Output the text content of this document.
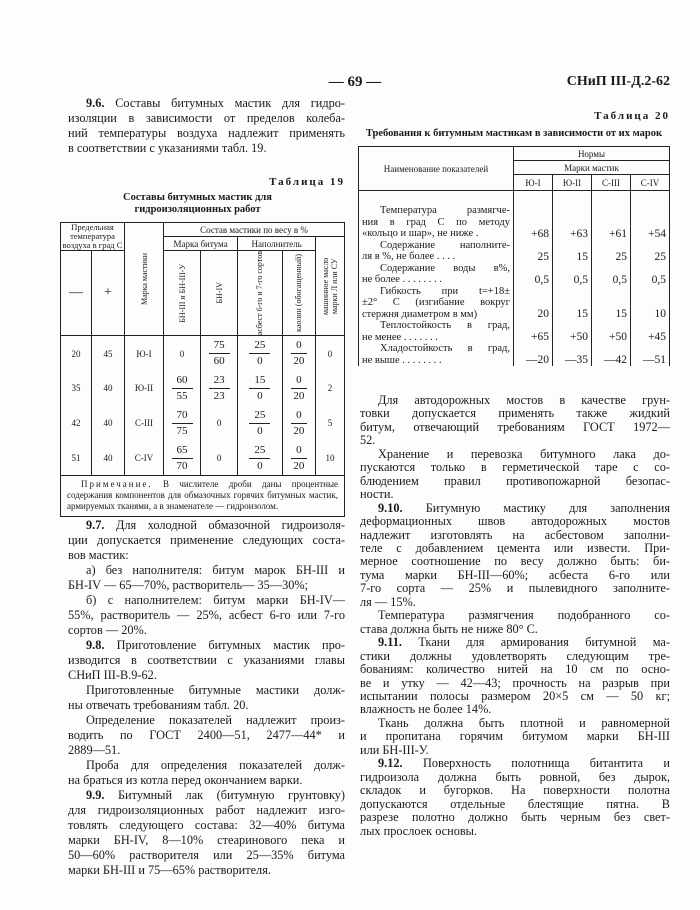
— 69 —	СНиП III-Д.2-62
9.6. Составы битумных мастик для гидро-
изоляции в зависимости от пределов колеба-
ний температуры воздуха надлежит применять
в соответствии с указаниями табл. 19.
Таблица 19
Составы битумных мастик для гидроизоляционных работ
Предельная температура воздуха в град С		Марка мастики	Состав мастики по весу в %				
			Марка битума		Наполнитель		машинное масло марки Л или СУ

—	+		БН-III и БН-III-У	БН-IV	асбест 6-го и 7-го сортов	каолин (обогащенный)	

20	45	Ю-I	0	$\frac{75}{60}$	$\frac{25}{0}$	$\frac{0}{20}$	0
35	40	Ю-II	$\frac{60}{55}$	$\frac{23}{23}$	$\frac{15}{0}$	$\frac{0}{20}$	2
42	40	С-III	$\frac{70}{75}$	0	$\frac{25}{0}$	$\frac{0}{20}$	5
51	40	С-IV	$\frac{65}{70}$	0	$\frac{25}{0}$	$\frac{0}{20}$	10
Примечание. В числителе дроби даны процентные содержания компонентов для обмазочных горячих битумных мастик, армируемых тканями, а в знаменателе — гидроизолом.							
9.7. Для холодной обмазочной гидроизоля-
ции допускается применение следующих соста-
вов мастик:
а) без наполнителя: битум марок БН-III и
БН-IV — 65—70%, растворитель— 35—30%;
б) с наполнителем: битум марки БН-IV—
55%, растворитель — 25%, асбест 6-го или 7-го
сортов — 20%.
9.8. Приготовление битумных мастик про-
изводится в соответствии с указаниями главы
СНиП III-В.9-62.
Приготовленные битумные мастики долж-
ны отвечать требованиям табл. 20.
Определение показателей надлежит произ-
водить по ГОСТ 2400—51, 2477—44* и
2889—51.
Проба для определения показателей долж-
на браться из котла перед окончанием варки.
9.9. Битумный лак (битумную грунтовку)
для гидроизоляционных работ надлежит изго-
товлять следующего состава: 32—40% битума
марки БН-IV, 8—10% стеаринового пека и
50—60% растворителя или 25—35% битума
марки БН-III и 75—65% растворителя.
Таблица 20
Требования к битумным мастикам в зависимости от их марок
Наименование показателей	Нормы			
	Марки мастик			
	Ю-I	Ю-II	С-III	С-IV

Температура размягче-
ния в град С по методу
«кольцо и шар», не ниже .	+68	+63	+61	+54

Содержание наполните-
ля в %, не более . . . .	25	15	25	25

Содержание воды в%,
не более . . . . . . . .	0,5	0,5	0,5	0,5

Гибкость при t=+18±
±2° С (изгибание вокруг
стержня диаметром в мм)	20	15	15	10

Теплостойкость в град,
не менее . . . . . . .	+65	+50	+50	+45

Хладостойкость в град,
не выше . . . . . . . .	—20	—35	—42	—51
Для автодорожных мостов в качестве грун-
товки допускается применять также жидкий
битум, отвечающий требованиям ГОСТ 1972—
52.
Хранение и перевозка битумного лака до-
пускаются только в герметической таре с со-
блюдением правил противопожарной безопас-
ности.
9.10. Битумную мастику для заполнения
деформационных швов автодорожных мостов
надлежит изготовлять на асбестовом заполни-
теле с добавлением цемента или извести. При-
мерное соотношение по весу должно быть: би-
тума марки БН-III—60%; асбеста 6-го или
7-го сорта — 25% и пылевидного заполните-
ля — 15%.
Температура размягчения подобранного со-
става должна быть не ниже 80° С.
9.11. Ткани для армирования битумной ма-
стики должны удовлетворять следующим тре-
бованиям: количество нитей на 10 см по осно-
ве и утку — 42—43; прочность на разрыв при
испытании полосы размером 20×5 см — 50 кг;
влажность не более 14%.
Ткань должна быть плотной и равномерной
и пропитана горячим битумом марки БН-III
или БН-III-У.
9.12. Поверхность полотнища битантита и
гидроизола должна быть ровной, без дырок,
складок и бугорков. На поверхности полотна
допускаются отдельные блестящие пятна. В
разрезе полотно должно быть черным без свет-
лых прослоек основы.
